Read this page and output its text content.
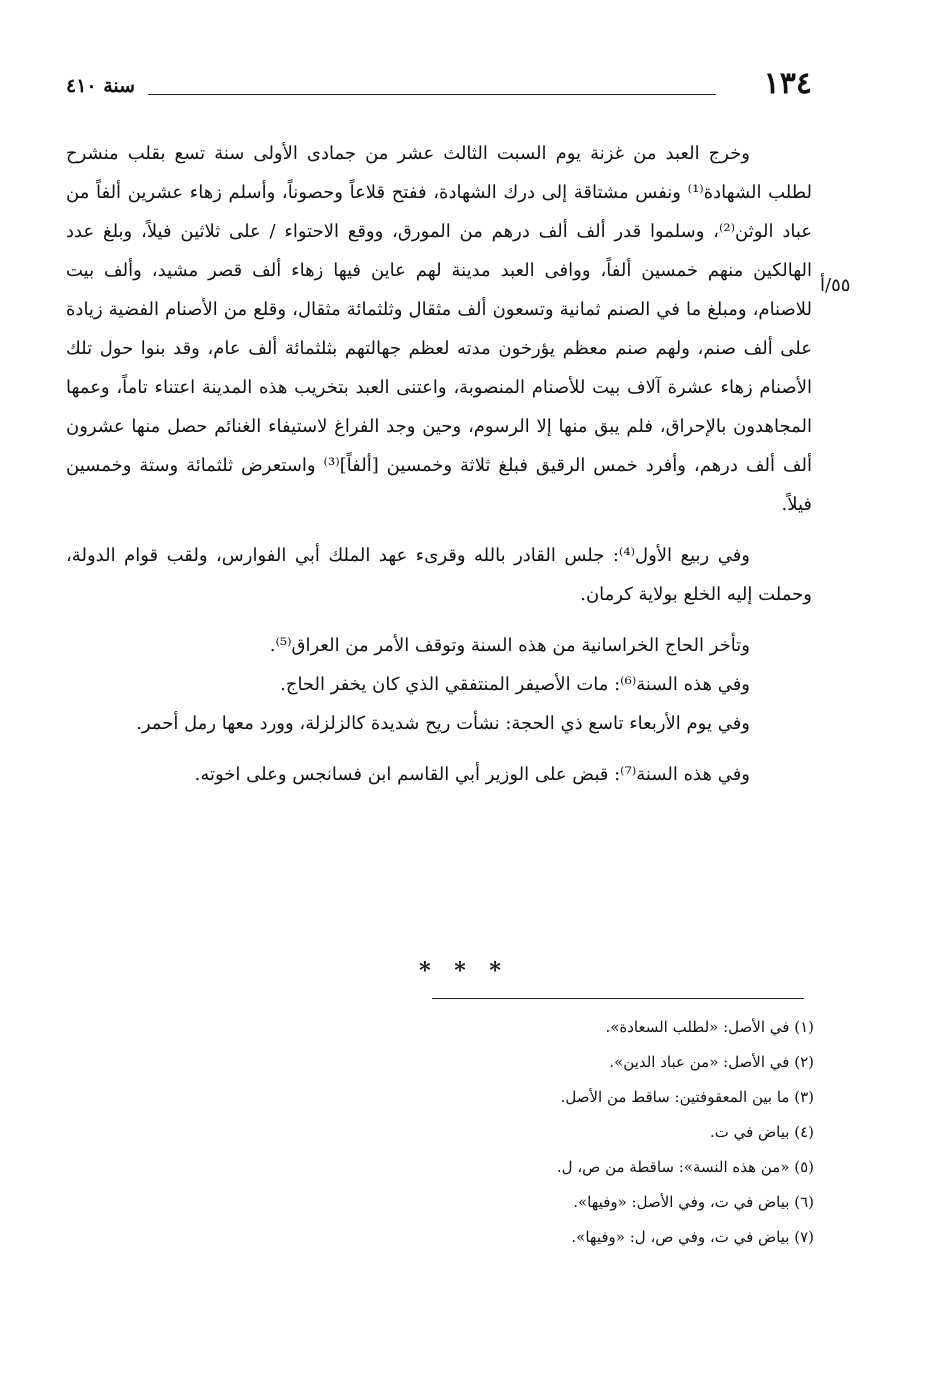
١٣٤
سنة ٤١٠
٥٥/أ

وخرج العبد من غزنة يوم السبت الثالث عشر من جمادى الأولى سنة تسع بقلب منشرح لطلب الشهادة⁽¹⁾ ونفس مشتاقة إلى درك الشهادة، ففتح قلاعاً وحصوناً، وأسلم زهاء عشرين ألفاً من عباد الوثن⁽²⁾، وسلموا قدر ألف ألف درهم من المورق، ووقع الاحتواء / على ثلاثين فيلاً، وبلغ عدد الهالكين منهم خمسين ألفاً، ووافى العبد مدينة لهم عاين فيها زهاء ألف قصر مشيد، وألف بيت للاصنام، ومبلغ ما في الصنم ثمانية وتسعون ألف مثقال وثلثمائة مثقال، وقلع من الأصنام الفضية زيادة على ألف صنم، ولهم صنم معظم يؤرخون مدته لعظم جهالتهم بثلثمائة ألف عام، وقد بنوا حول تلك الأصنام زهاء عشرة آلاف بيت للأصنام المنصوبة، واعتنى العبد بتخريب هذه المدينة اعتناء تاماً، وعمها المجاهدون بالإحراق، فلم يبق منها إلا الرسوم، وحين وجد الفراغ لاستيفاء الغنائم حصل منها عشرون ألف ألف درهم، وأفرد خمس الرقيق فبلغ ثلاثة وخمسين [ألفاً]⁽³⁾ واستعرض ثلثمائة وستة وخمسين فيلاً.

وفي ربيع الأول⁽⁴⁾: جلس القادر بالله وقرىء عهد الملك أبي الفوارس، ولقب قوام الدولة، وحملت إليه الخلع بولاية كرمان.

وتأخر الحاج الخراسانية من هذه السنة وتوقف الأمر من العراق⁽⁵⁾.

وفي هذه السنة⁽⁶⁾: مات الأصيفر المنتفقي الذي كان يخفر الحاج.

وفي يوم الأربعاء تاسع ذي الحجة: نشأت ريح شديدة كالزلزلة، وورد معها رمل أحمر.

وفي هذه السنة⁽⁷⁾: قبض على الوزير أبي القاسم ابن فسانجس وعلى اخوته.

* * *
(١) في الأصل: «لطلب السعادة».
(٢) في الأصل: «من عباد الدين».
(٣) ما بين المعقوفتين: ساقط من الأصل.
(٤) بياض في ت.
(٥) «من هذه النسة»: ساقطة من ص، ل.
(٦) بياض في ت، وفي الأصل: «وفيها».
(٧) بياض في ت، وفي ص، ل: «وفيها».
